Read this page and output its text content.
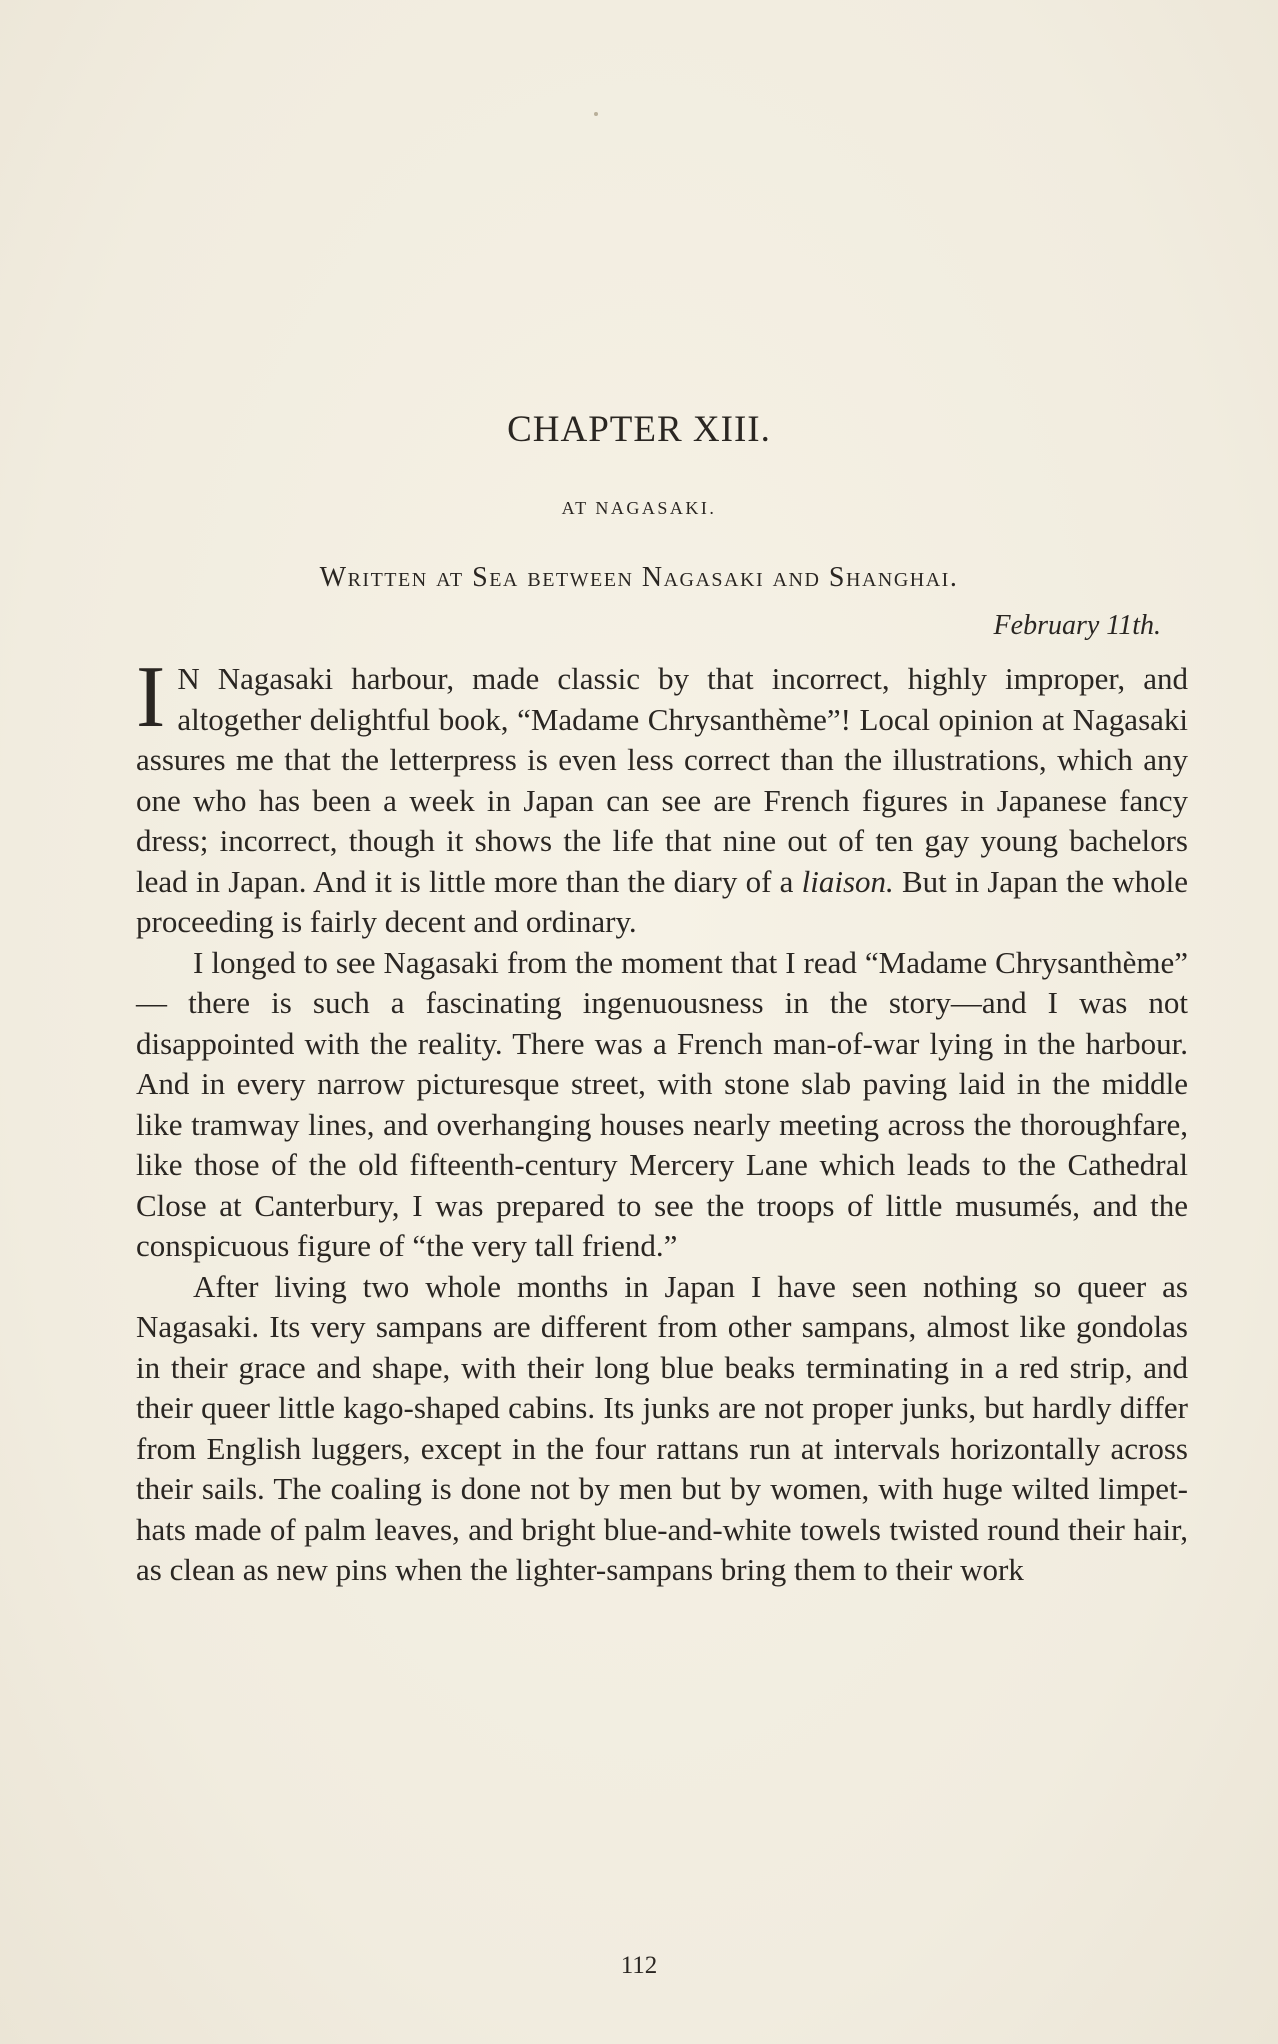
CHAPTER XIII.
AT NAGASAKI.
Written at Sea between Nagasaki and Shanghai.
February 11th.

I N Nagasaki harbour, made classic by that incorrect, highly improper, and altogether delightful book, “Madame Chrysanthème”! Local opinion at Nagasaki assures me that the letterpress is even less correct than the illustrations, which any one who has been a week in Japan can see are French figures in Japanese fancy dress; incorrect, though it shows the life that nine out of ten gay young bachelors lead in Japan. And it is little more than the diary of a liaison. But in Japan the whole proceeding is fairly decent and ordinary.

I longed to see Nagasaki from the moment that I read “Madame Chrysanthème” — there is such a fascinating ingenuousness in the story—and I was not disappointed with the reality. There was a French man-of-war lying in the harbour. And in every narrow picturesque street, with stone slab paving laid in the middle like tramway lines, and overhanging houses nearly meeting across the thoroughfare, like those of the old fifteenth-century Mercery Lane which leads to the Cathedral Close at Canterbury, I was prepared to see the troops of little musumés, and the conspicuous figure of “the very tall friend.”

After living two whole months in Japan I have seen nothing so queer as Nagasaki. Its very sampans are different from other sampans, almost like gondolas in their grace and shape, with their long blue beaks terminating in a red strip, and their queer little kago-shaped cabins. Its junks are not proper junks, but hardly differ from English luggers, except in the four rattans run at intervals horizontally across their sails. The coaling is done not by men but by women, with huge wilted limpet-hats made of palm leaves, and bright blue-and-white towels twisted round their hair, as clean as new pins when the lighter-sampans bring them to their work

112
